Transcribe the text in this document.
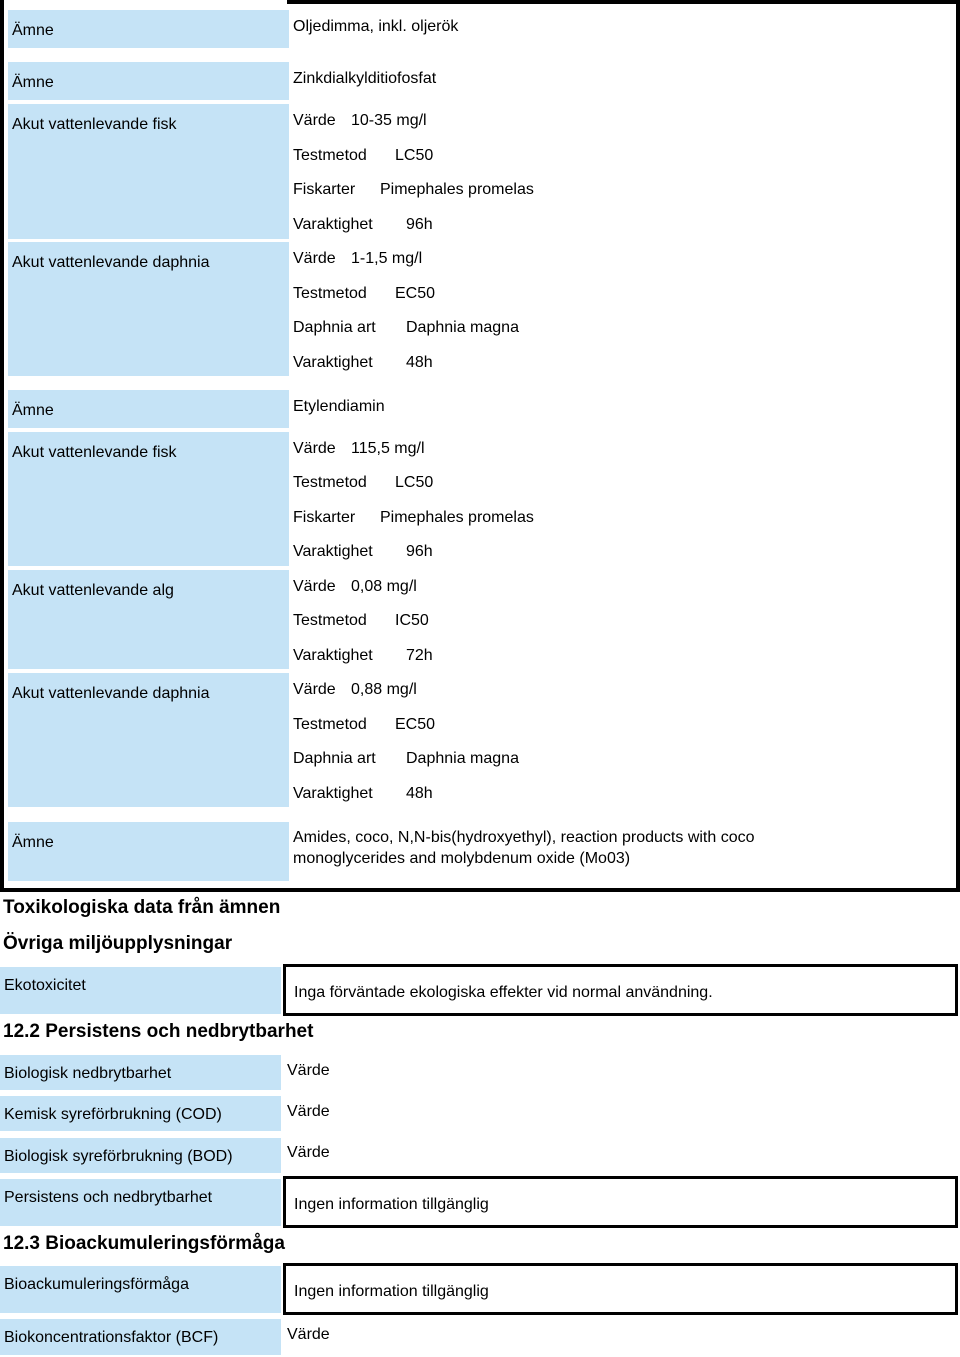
Ämne	Oljedimma, inkl. oljerök
Ämne	Zinkdialkylditiofosfat
Akut vattenlevande fisk	Värde 10-35 mg/l
Testmetod LC50
Fiskarter Pimephales promelas
Varaktighet 96h
Akut vattenlevande daphnia	Värde 1-1,5 mg/l
Testmetod EC50
Daphnia art Daphnia magna
Varaktighet 48h
Ämne	Etylendiamin
Akut vattenlevande fisk	Värde 115,5 mg/l
Testmetod LC50
Fiskarter Pimephales promelas
Varaktighet 96h
Akut vattenlevande alg	Värde 0,08 mg/l
Testmetod IC50
Varaktighet 72h
Akut vattenlevande daphnia	Värde 0,88 mg/l
Testmetod EC50
Daphnia art Daphnia magna
Varaktighet 48h
Ämne	Amides, coco, N,N-bis(hydroxyethyl), reaction products with coco
monoglycerides and molybdenum oxide (Mo03)
Toxikologiska data från ämnen
Övriga miljöupplysningar
Ekotoxicitet	Inga förväntade ekologiska effekter vid normal användning.
12.2 Persistens och nedbrytbarhet
Biologisk nedbrytbarhet	Värde
Kemisk syreförbrukning (COD)	Värde
Biologisk syreförbrukning (BOD)	Värde
Persistens och nedbrytbarhet	Ingen information tillgänglig
12.3 Bioackumuleringsförmåga
Bioackumuleringsförmåga	Ingen information tillgänglig
Biokoncentrationsfaktor (BCF)	Värde
